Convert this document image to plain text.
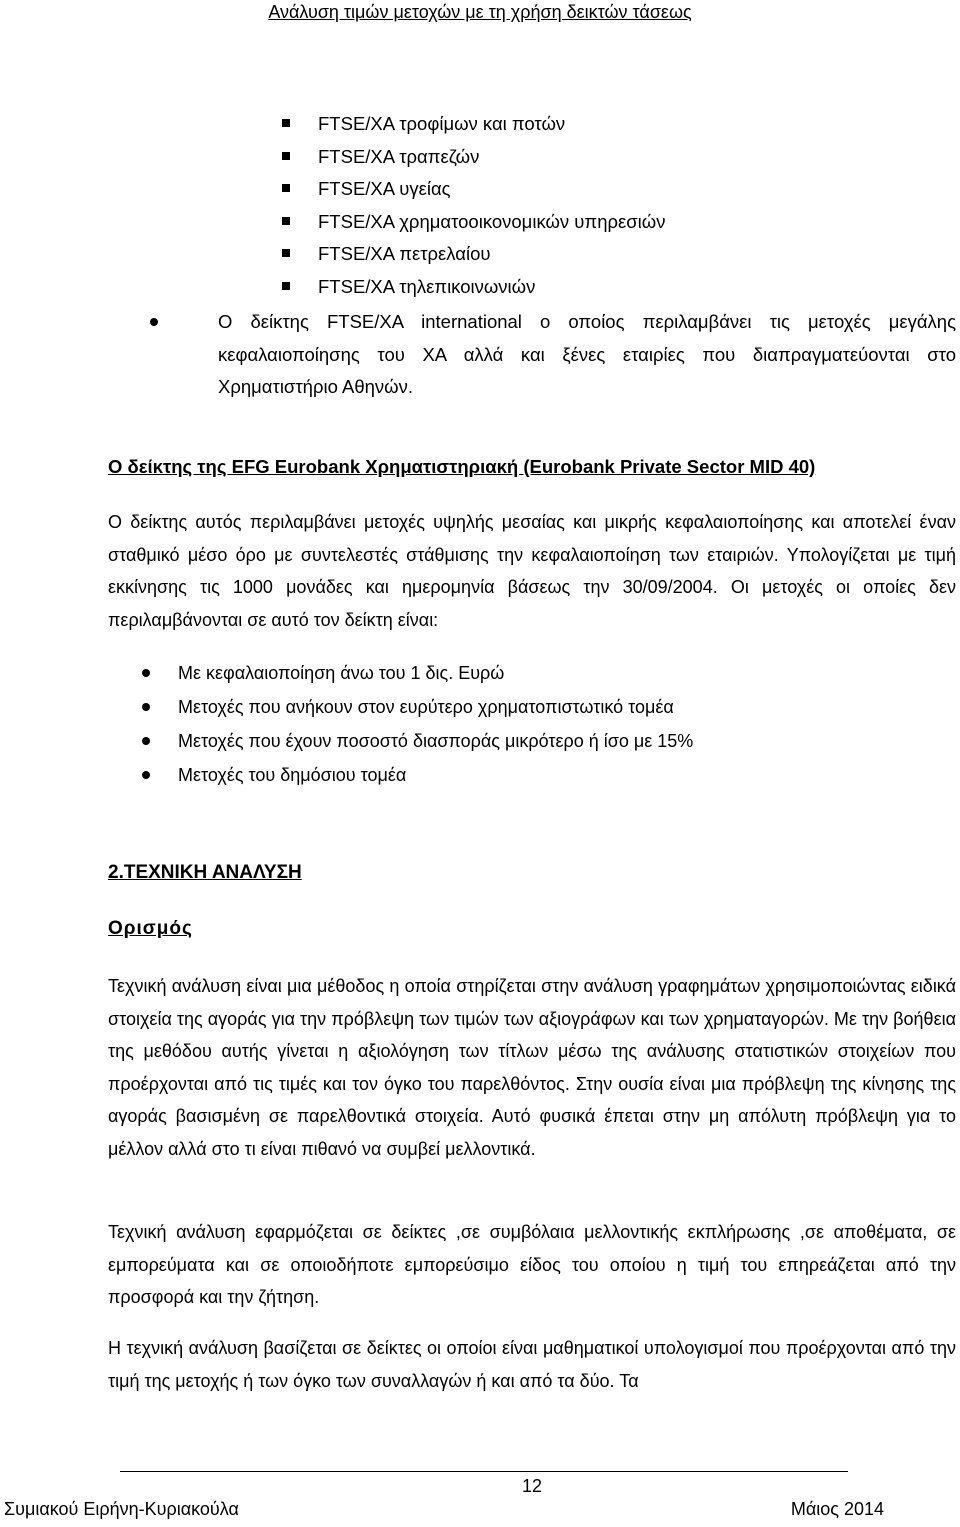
Ανάλυση τιμών μετοχών με τη χρήση δεικτών τάσεως
FTSE/XA τροφίμων και ποτών
FTSE/XA τραπεζών
FTSE/XA υγείας
FTSE/XA χρηματοοικονομικών υπηρεσιών
FTSE/XA πετρελαίου
FTSE/XA τηλεπικοινωνιών

Ο δείκτης FTSE/XA international ο οποίος περιλαμβάνει τις μετοχές μεγάλης κεφαλαιοποίησης του ΧΑ αλλά και ξένες εταιρίες που διαπραγματεύονται στο Χρηματιστήριο Αθηνών.

Ο δείκτης της EFG Eurobank Χρηματιστηριακή (Eurobank Private Sector MID 40)

Ο δείκτης αυτός περιλαμβάνει μετοχές υψηλής μεσαίας και μικρής κεφαλαιοποίησης και αποτελεί έναν σταθμικό μέσο όρο με συντελεστές στάθμισης την κεφαλαιοποίηση των εταιριών. Υπολογίζεται με τιμή εκκίνησης τις 1000 μονάδες και ημερομηνία βάσεως την 30/09/2004. Οι μετοχές οι οποίες δεν περιλαμβάνονται σε αυτό τον δείκτη είναι:

Με κεφαλαιοποίηση άνω του 1 δις. Ευρώ
Μετοχές που ανήκουν στον ευρύτερο χρηματοπιστωτικό τομέα
Μετοχές που έχουν ποσοστό διασποράς μικρότερο ή ίσο με 15%
Μετοχές του δημόσιου τομέα
2.ΤΕΧΝΙΚΗ ΑΝΑΛΥΣΗ
Ορισμός

Τεχνική ανάλυση είναι μια μέθοδος η οποία στηρίζεται στην ανάλυση γραφημάτων χρησιμοποιώντας ειδικά στοιχεία της αγοράς για την πρόβλεψη των τιμών των αξιογράφων και των χρηματαγορών. Με την βοήθεια της μεθόδου αυτής γίνεται η αξιολόγηση των τίτλων μέσω της ανάλυσης στατιστικών στοιχείων που προέρχονται από τις τιμές και τον όγκο του παρελθόντος. Στην ουσία είναι μια πρόβλεψη της κίνησης της αγοράς βασισμένη σε παρελθοντικά στοιχεία. Αυτό φυσικά έπεται στην μη απόλυτη πρόβλεψη για το μέλλον αλλά στο τι είναι πιθανό να συμβεί μελλοντικά.

Τεχνική ανάλυση εφαρμόζεται σε δείκτες ,σε συμβόλαια μελλοντικής εκπλήρωσης ,σε αποθέματα, σε εμπορεύματα και σε οποιοδήποτε εμπορεύσιμο είδος του οποίου η τιμή του επηρεάζεται από την προσφορά και την ζήτηση.

Η τεχνική ανάλυση βασίζεται σε δείκτες οι οποίοι είναι μαθηματικοί υπολογισμοί που προέρχονται από την τιμή της μετοχής ή των όγκο των συναλλαγών ή και από τα δύο. Τα

12
Συμιακού Ειρήνη-Κυριακούλα	Μάιος 2014
